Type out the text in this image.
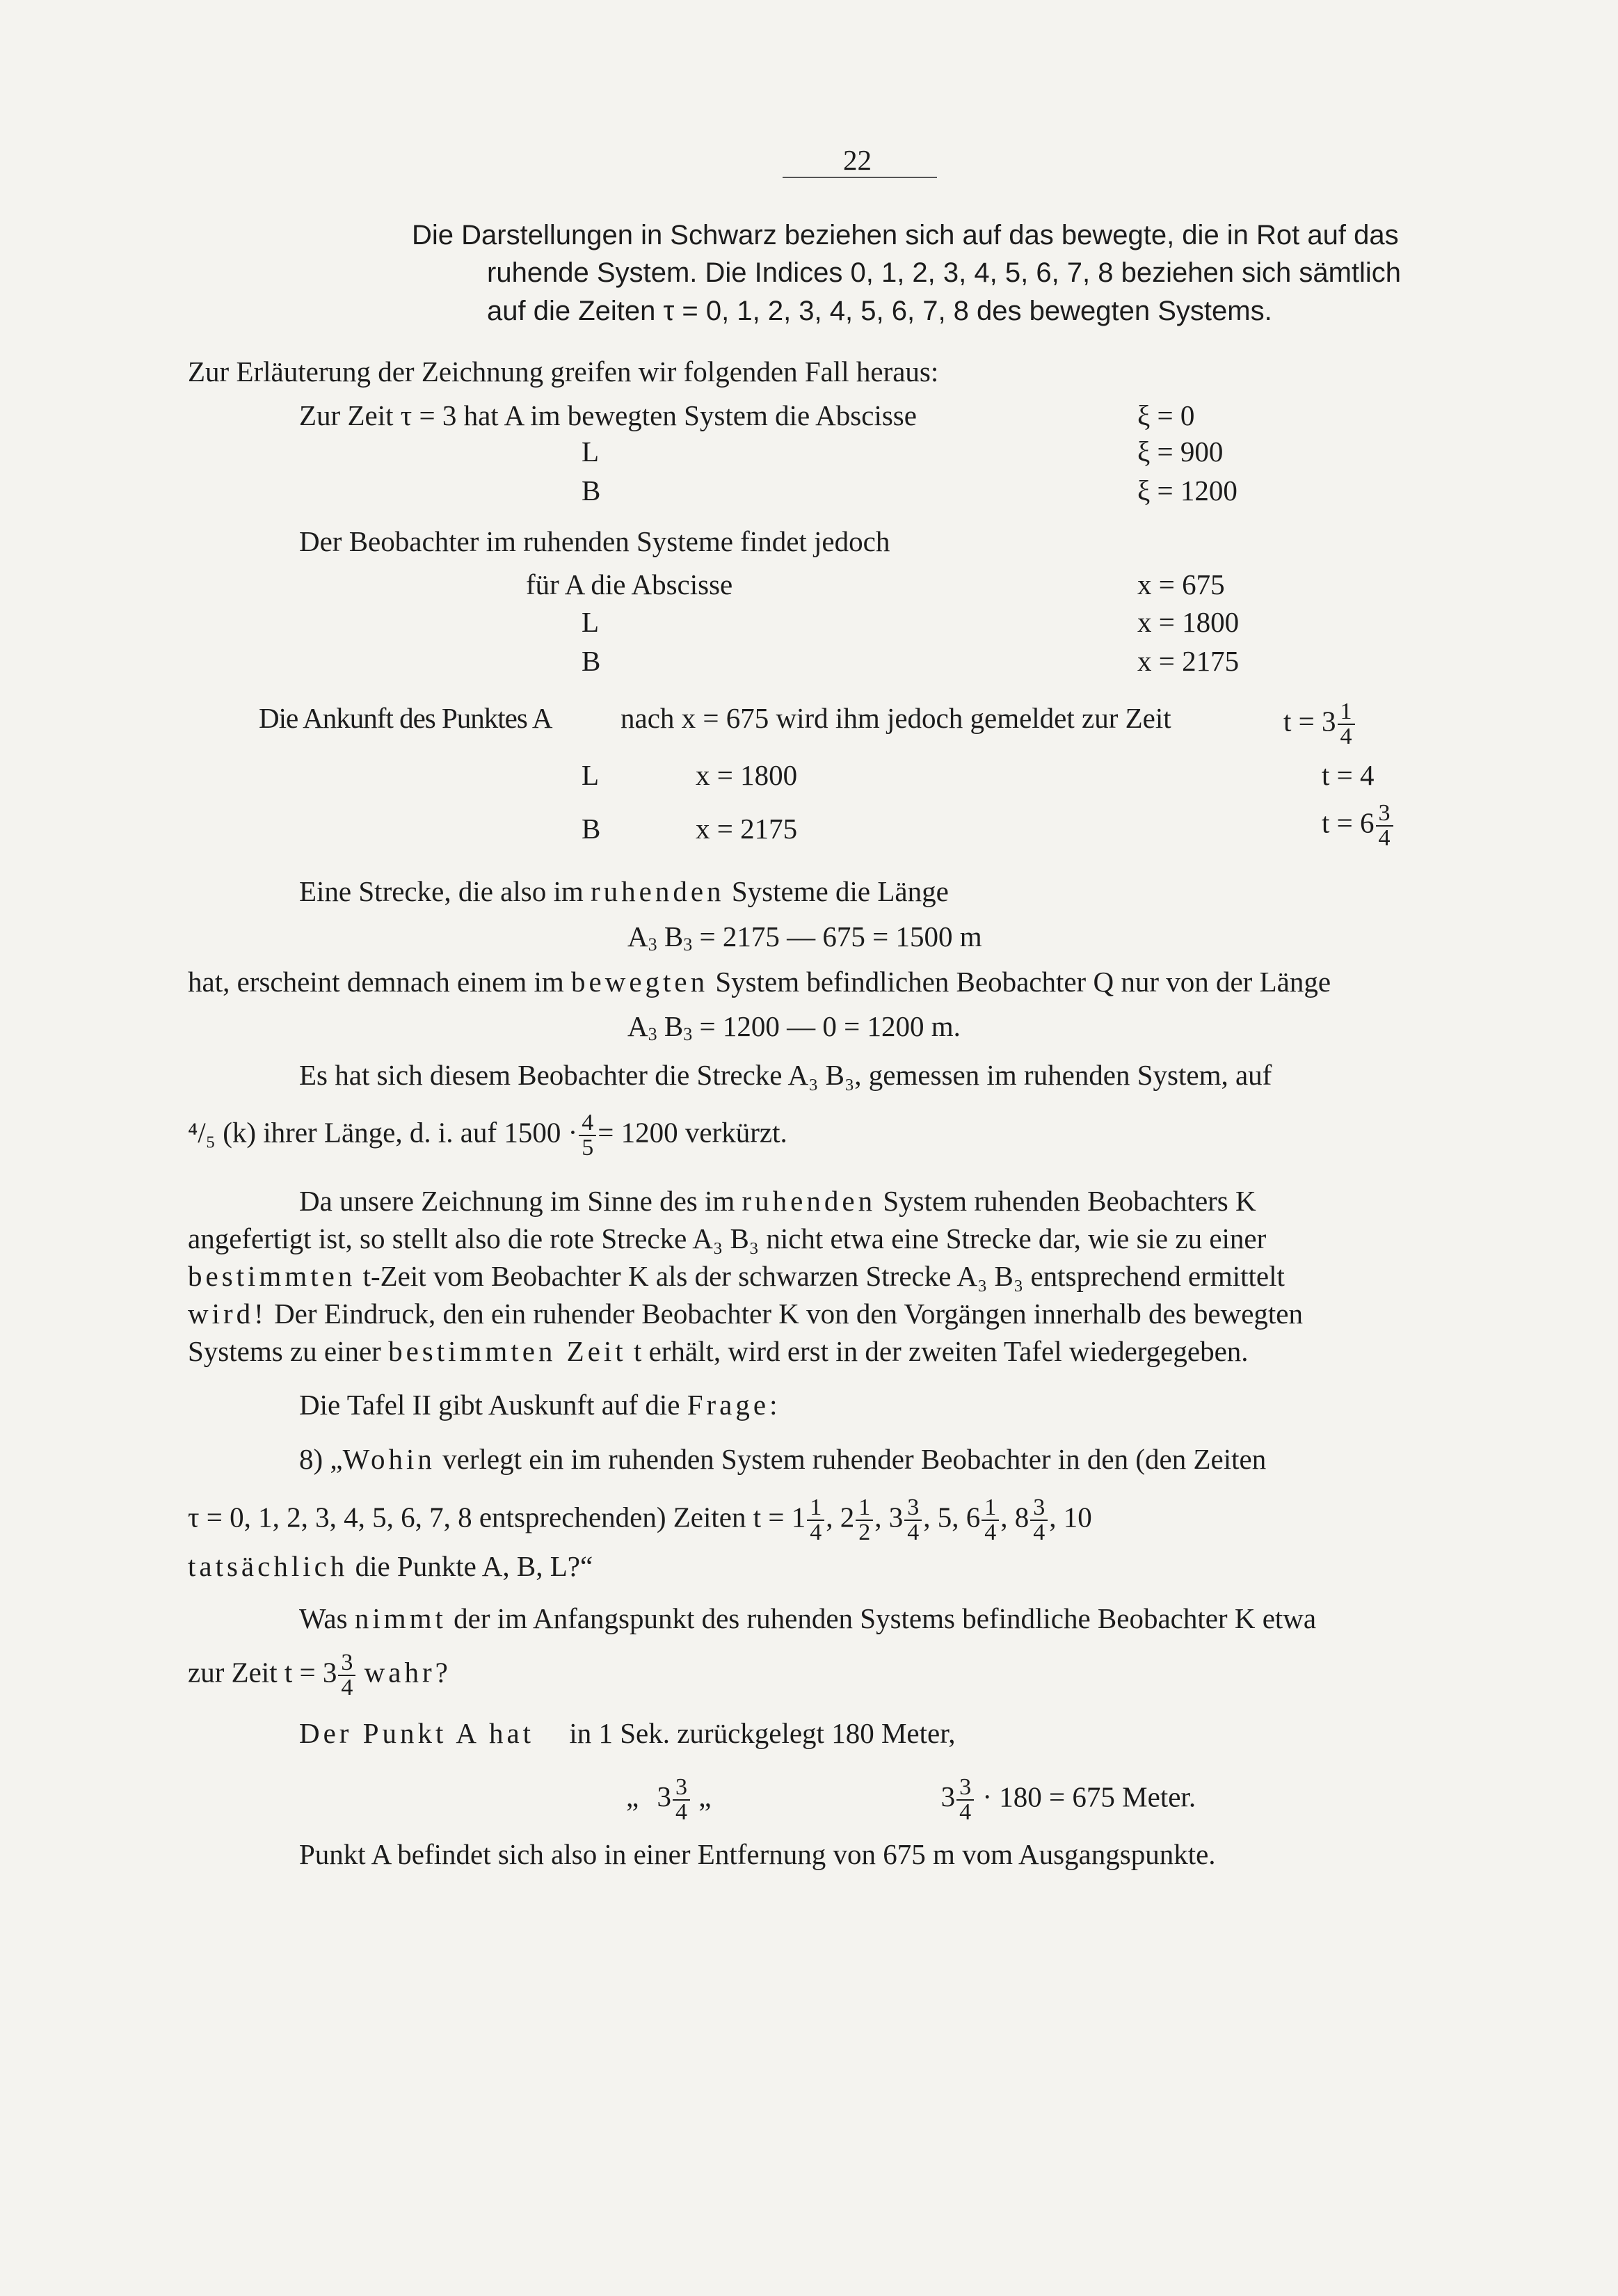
22
Die Darstellungen in Schwarz beziehen sich auf das bewegte, die in Rot auf das
ruhende System. Die Indices 0, 1, 2, 3, 4, 5, 6, 7, 8 beziehen sich sämtlich
auf die Zeiten τ = 0, 1, 2, 3, 4, 5, 6, 7, 8 des bewegten Systems.
Zur Erläuterung der Zeichnung greifen wir folgenden Fall heraus:
Zur Zeit τ = 3 hat A im bewegten System die Abscisse	ξ = 0
L	ξ = 900
B	ξ = 1200
Der Beobachter im ruhenden Systeme findet jedoch
für A die Abscisse	x = 675
L	x = 1800
B	x = 2175
Die Ankunft des Punktes A nach x = 675 wird ihm jedoch gemeldet zur Zeit	$t = 3 \frac{1}{4}$
L	x = 1800	t = 4
B	x = 2175	$t = 6 \frac{3}{4}$
Eine Strecke, die also im ruhenden Systeme die Länge
$A_3$ $B_3 = 2175$ — 675 = 1500 m
hat, erscheint demnach einem im bewegten System befindlichen Beobachter Q nur von der Länge
$A_3$ $B_3 = 1200$ — 0 = 1200 m.
Es hat sich diesem Beobachter die Strecke A₃ B₃, gemessen im ruhenden System, auf
⁴/₅ (k) ihrer Länge, d. i. auf $1500 \cdot \frac{4}{5} = 1200$ verkürzt.
Da unsere Zeichnung im Sinne des im ruhenden System ruhenden Beobachters K
angefertigt ist, so stellt also die rote Strecke A₃ B₃ nicht etwa eine Strecke dar, wie sie zu einer
bestimmten t-Zeit vom Beobachter K als der schwarzen Strecke A₃ B₃ entsprechend ermittelt
wird! Der Eindruck, den ein ruhender Beobachter K von den Vorgängen innerhalb des bewegten
Systems zu einer bestimmten Zeit t erhält, wird erst in der zweiten Tafel wiedergegeben.
Die Tafel II gibt Auskunft auf die Frage:
8) „Wohin verlegt ein im ruhenden System ruhender Beobachter in den (den Zeiten
τ = 0, 1, 2, 3, 4, 5, 6, 7, 8 entsprechenden) Zeiten $t = 1 \frac{1}{4}$ , $2 \frac{1}{2}$ , $3 \frac{3}{4}$ , 5, $6 \frac{1}{4}$ , $8 \frac{3}{4}$ , 10
tatsächlich die Punkte A, B, L?“
Was nimmt der im Anfangspunkt des ruhenden Systems befindliche Beobachter K etwa
zur Zeit $t = 3 \frac{3}{4}$ wahr?
Der Punkt A hat in 1 Sek. zurückgelegt 180 Meter,
„ $3 \frac{3}{4}$ „	$3 \frac{3}{4} \cdot 180 = 675$ Meter.
Punkt A befindet sich also in einer Entfernung von 675 m vom Ausgangspunkte.
